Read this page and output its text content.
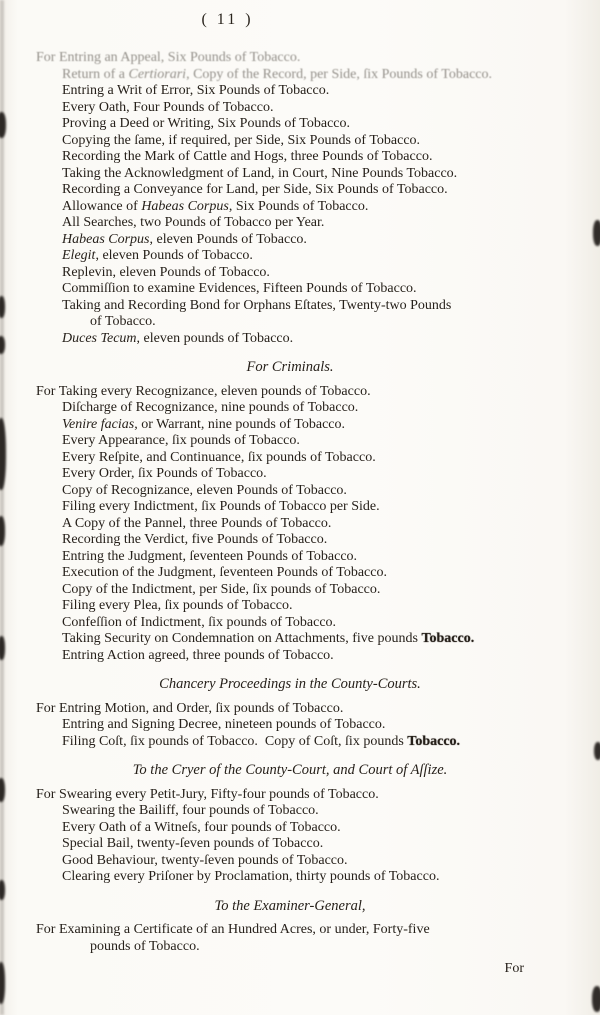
( 11 )
For Entring an Appeal, Six Pounds of Tobacco.
Return of a Certiorari, Copy of the Record, per Side, ſix Pounds of Tobacco.
Entring a Writ of Error, Six Pounds of Tobacco.
Every Oath, Four Pounds of Tobacco.
Proving a Deed or Writing, Six Pounds of Tobacco.
Copying the ſame, if required, per Side, Six Pounds of Tobacco.
Recording the Mark of Cattle and Hogs, three Pounds of Tobacco.
Taking the Acknowledgment of Land, in Court, Nine Pounds Tobacco.
Recording a Conveyance for Land, per Side, Six Pounds of Tobacco.
Allowance of Habeas Corpus, Six Pounds of Tobacco.
All Searches, two Pounds of Tobacco per Year.
Habeas Corpus, eleven Pounds of Tobacco.
Elegit, eleven Pounds of Tobacco.
Replevin, eleven Pounds of Tobacco.
Commiſſion to examine Evidences, Fifteen Pounds of Tobacco.
Taking and Recording Bond for Orphans Eſtates, Twenty-two Pounds
of Tobacco.
Duces Tecum, eleven pounds of Tobacco.
For Criminals.
For Taking every Recognizance, eleven pounds of Tobacco.
Diſcharge of Recognizance, nine pounds of Tobacco.
Venire facias, or Warrant, nine pounds of Tobacco.
Every Appearance, ſix pounds of Tobacco.
Every Reſpite, and Continuance, ſix pounds of Tobacco.
Every Order, ſix Pounds of Tobacco.
Copy of Recognizance, eleven Pounds of Tobacco.
Filing every Indictment, ſix Pounds of Tobacco per Side.
A Copy of the Pannel, three Pounds of Tobacco.
Recording the Verdict, five Pounds of Tobacco.
Entring the Judgment, ſeventeen Pounds of Tobacco.
Execution of the Judgment, ſeventeen Pounds of Tobacco.
Copy of the Indictment, per Side, ſix pounds of Tobacco.
Filing every Plea, ſix pounds of Tobacco.
Confeſſion of Indictment, ſix pounds of Tobacco.
Taking Security on Condemnation on Attachments, five pounds Tobacco.
Entring Action agreed, three pounds of Tobacco.
Chancery Proceedings in the County-Courts.
For Entring Motion, and Order, ſix pounds of Tobacco.
Entring and Signing Decree, nineteen pounds of Tobacco.
Filing Coſt, ſix pounds of Tobacco.  Copy of Coſt, ſix pounds Tobacco.
To the Cryer of the County-Court, and Court of Aſſize.
For Swearing every Petit-Jury, Fifty-four pounds of Tobacco.
Swearing the Bailiff, four pounds of Tobacco.
Every Oath of a Witneſs, four pounds of Tobacco.
Special Bail, twenty-ſeven pounds of Tobacco.
Good Behaviour, twenty-ſeven pounds of Tobacco.
Clearing every Priſoner by Proclamation, thirty pounds of Tobacco.
To the Examiner-General,
For Examining a Certificate of an Hundred Acres, or under, Forty-five
pounds of Tobacco.
For
